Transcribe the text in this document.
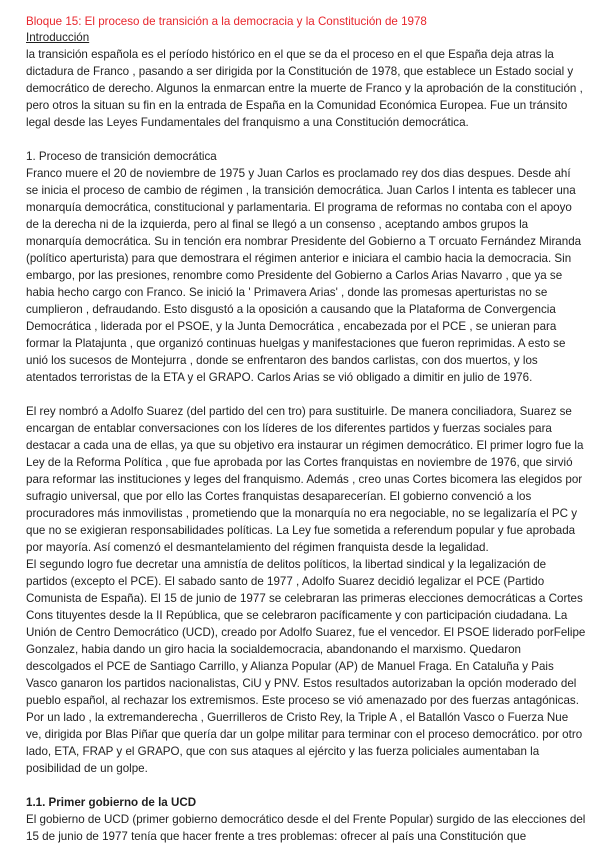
Bloque 15: El proceso de transición a la democracia y la Constitución de 1978
Introducción

la transición española es el período histórico en el que se da el proceso en el que España deja atras la dictadura de Franco , pasando a ser dirigida por la Constitución de 1978, que establece un Estado social y democrático de derecho. Algunos la enmarcan entre la muerte de Franco y la aprobación de la constitución , pero otros la situan su fin en la entrada de España en la Comunidad Económica Europea. Fue un tránsito legal desde las Leyes Fundamentales del franquismo a una Constitución democrática.

1. Proceso de transición democrática

Franco muere el 20 de noviembre de 1975 y Juan Carlos es proclamado rey dos dias despues. Desde ahí se inicia el proceso de cambio de régimen , la transición democrática. Juan Carlos I intenta es tablecer una monarquía democrática, constitucional y parlamentaria. El programa de reformas no contaba con el apoyo de la derecha ni de la izquierda, pero al final se llegó a un consenso , aceptando ambos grupos la monarquía democrática. Su in tención era nombrar Presidente del Gobierno a T orcuato Fernández Miranda (político aperturista) para que demostrara el régimen anterior e iniciara el cambio hacia la democracia. Sin embargo, por las presiones, renombre como Presidente del Gobierno a Carlos Arias Navarro , que ya se habia hecho cargo con Franco. Se inició la ' Primavera Arias' , donde las promesas aperturistas no se cumplieron , defraudando. Esto disgustó a la oposición a causando que la Plataforma de Convergencia Democrática , liderada por el PSOE, y la Junta Democrática , encabezada por el PCE , se unieran para formar la Platajunta , que organizó continuas huelgas y manifestaciones que fueron reprimidas. A esto se unió los sucesos de Montejurra , donde se enfrentaron des bandos carlistas, con dos muertos, y los atentados terroristas de la ETA y el GRAPO. Carlos Arias se vió obligado a dimitir en julio de 1976.

El rey nombró a Adolfo Suarez (del partido del cen tro) para sustituirle. De manera conciliadora, Suarez se encargan de entablar conversaciones con los líderes de los diferentes partidos y fuerzas sociales para destacar a cada una de ellas, ya que su objetivo era instaurar un régimen democrático. El primer logro fue la Ley de la Reforma Política , que fue aprobada por las Cortes franquistas en noviembre de 1976, que sirvió para reformar las instituciones y leges del franquismo. Además , creo unas Cortes bicomera las elegidos por sufragio universal, que por ello las Cortes franquistas desaparecerían. El gobierno convenció a los procuradores más inmovilistas , prometiendo que la monarquía no era negociable, no se legalizaría el PC y que no se exigieran responsabilidades políticas. La Ley fue sometida a referendum popular y fue aprobada por mayoría. Así comenzó el desmantelamiento del régimen franquista desde la legalidad.

El segundo logro fue decretar una amnistía de delitos políticos, la libertad sindical y la legalización de partidos (excepto el PCE). El sabado santo de 1977 , Adolfo Suarez decidió legalizar el PCE (Partido Comunista de España). El 15 de junio de 1977 se celebraran las primeras elecciones democráticas a Cortes Cons tituyentes desde la II República, que se celebraron pacíficamente y con participación ciudadana. La Unión de Centro Democrático (UCD), creado por Adolfo Suarez, fue el vencedor. El PSOE liderado porFelipe Gonzalez, habia dando un giro hacia la socialdemocracia, abandonando el marxismo. Quedaron descolgados el PCE de Santiago Carrillo, y Alianza Popular (AP) de Manuel Fraga. En Cataluña y Pais Vasco ganaron los partidos nacionalistas, CiU y PNV. Estos resultados autorizaban la opción moderado del pueblo español, al rechazar los extremismos. Este proceso se vió amenazado por des fuerzas antagónicas. Por un lado , la extremanderecha , Guerrilleros de Cristo Rey, la Triple A , el Batallón Vasco o Fuerza Nue ve, dirigida por Blas Piñar que quería dar un golpe militar para terminar con el proceso democrático. por otro lado, ETA, FRAP y el GRAPO, que con sus ataques al ejército y las fuerza policiales aumentaban la posibilidad de un golpe.

1.1. Primer gobierno de la UCD

El gobierno de UCD (primer gobierno democrático desde el del Frente Popular) surgido de las elecciones del 15 de junio de 1977 tenía que hacer frente a tres problemas: ofrecer al país una Constitución que
